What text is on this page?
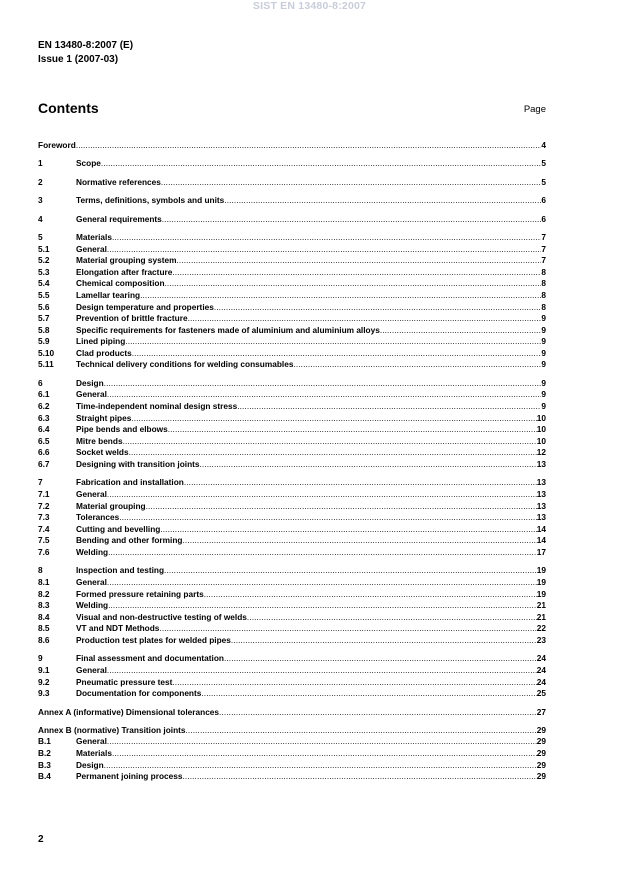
SIST EN 13480-8:2007
EN 13480-8:2007 (E)
Issue 1 (2007-03)
Contents	Page
Foreword .....	4
1	Scope .....	5
2	Normative references .....	5
3	Terms, definitions, symbols and units .....	6
4	General requirements .....	6
5	Materials .....	7
5.1	General .....	7
5.2	Material grouping system .....	7
5.3	Elongation after fracture .....	8
5.4	Chemical composition .....	8
5.5	Lamellar tearing .....	8
5.6	Design temperature and properties .....	8
5.7	Prevention of brittle fracture .....	9
5.8	Specific requirements for fasteners made of aluminium and aluminium alloys .....	9
5.9	Lined piping .....	9
5.10	Clad products .....	9
5.11	Technical delivery conditions for welding consumables .....	9
6	Design .....	9
6.1	General .....	9
6.2	Time-independent nominal design stress .....	9
6.3	Straight pipes .....	10
6.4	Pipe bends and elbows .....	10
6.5	Mitre bends .....	10
6.6	Socket welds .....	12
6.7	Designing with transition joints .....	13
7	Fabrication and installation .....	13
7.1	General .....	13
7.2	Material grouping .....	13
7.3	Tolerances .....	13
7.4	Cutting and bevelling .....	14
7.5	Bending and other forming .....	14
7.6	Welding .....	17
8	Inspection and testing .....	19
8.1	General .....	19
8.2	Formed pressure retaining parts .....	19
8.3	Welding .....	21
8.4	Visual and non-destructive testing of welds .....	21
8.5	VT and NDT Methods .....	22
8.6	Production test plates for welded pipes .....	23
9	Final assessment and documentation .....	24
9.1	General .....	24
9.2	Pneumatic pressure test .....	24
9.3	Documentation for components .....	25
Annex A (informative) Dimensional tolerances .....	27
Annex B (normative) Transition joints .....	29
B.1	General .....	29
B.2	Materials .....	29
B.3	Design .....	29
B.4	Permanent joining process .....	29
2
